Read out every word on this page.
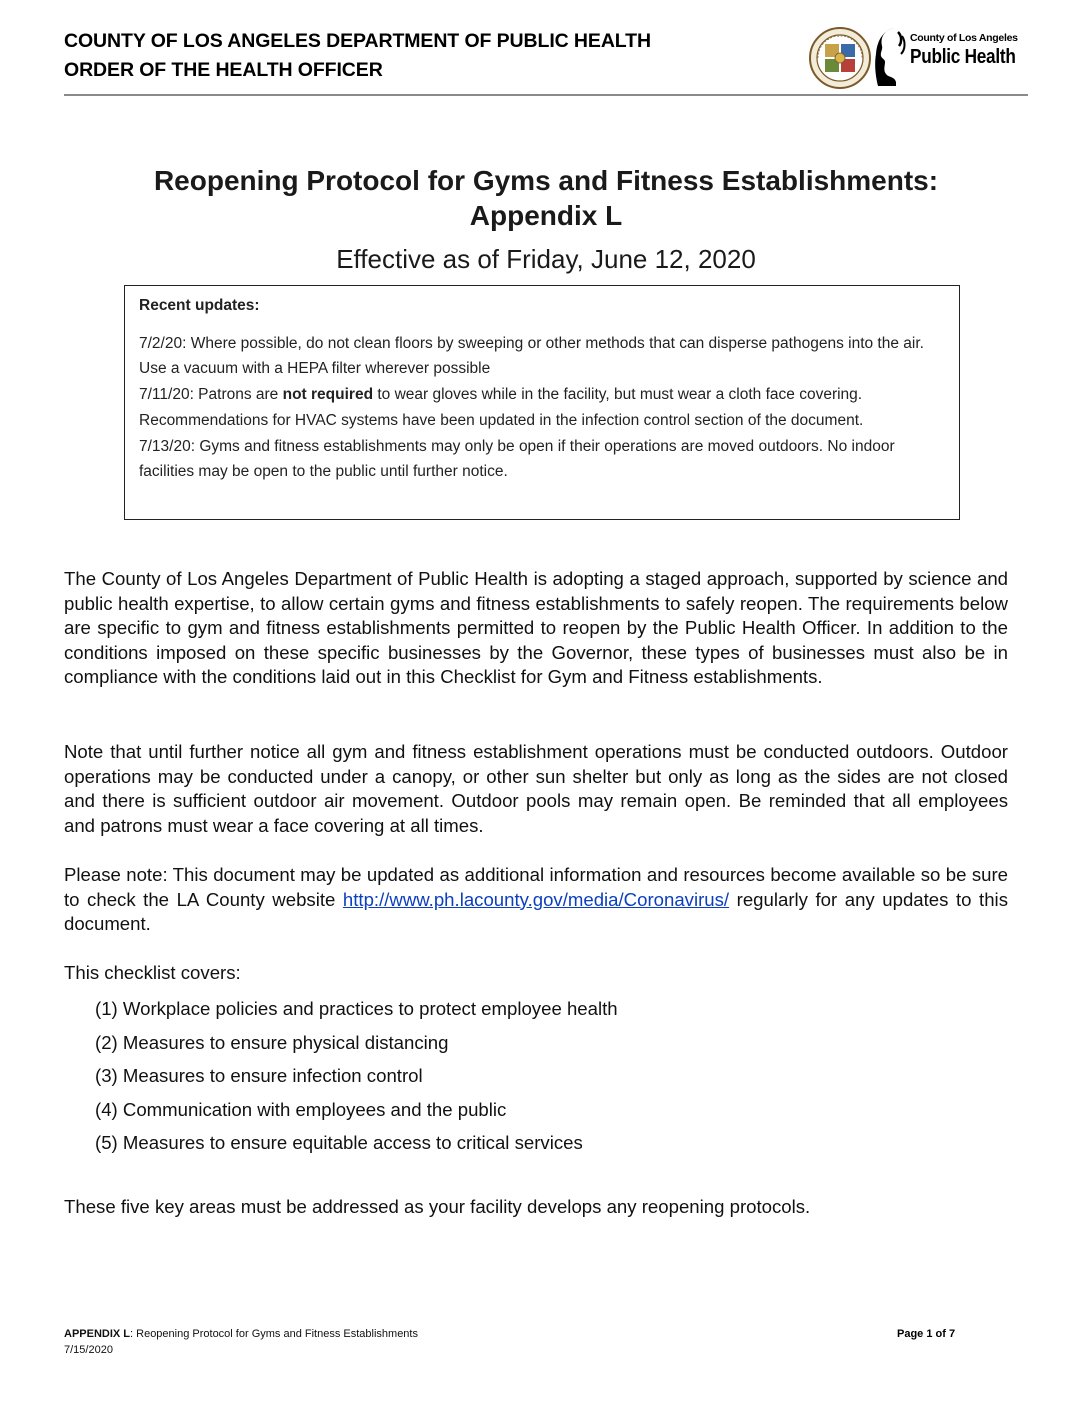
COUNTY OF LOS ANGELES DEPARTMENT OF PUBLIC HEALTH
ORDER OF THE HEALTH OFFICER
County of Los Angeles
Public Health
Reopening Protocol for Gyms and Fitness Establishments:
Appendix L
Effective as of Friday, June 12, 2020
Recent updates:

7/2/20: Where possible, do not clean floors by sweeping or other methods that can disperse pathogens into the air. Use a vacuum with a HEPA filter wherever possible

7/11/20: Patrons are not required to wear gloves while in the facility, but must wear a cloth face covering. Recommendations for HVAC systems have been updated in the infection control section of the document.

7/13/20: Gyms and fitness establishments may only be open if their operations are moved outdoors. No indoor facilities may be open to the public until further notice.

The County of Los Angeles Department of Public Health is adopting a staged approach, supported by science and public health expertise, to allow certain gyms and fitness establishments to safely reopen. The requirements below are specific to gym and fitness establishments permitted to reopen by the Public Health Officer. In addition to the conditions imposed on these specific businesses by the Governor, these types of businesses must also be in compliance with the conditions laid out in this Checklist for Gym and Fitness establishments.

Note that until further notice all gym and fitness establishment operations must be conducted outdoors. Outdoor operations may be conducted under a canopy, or other sun shelter but only as long as the sides are not closed and there is sufficient outdoor air movement. Outdoor pools may remain open. Be reminded that all employees and patrons must wear a face covering at all times.

Please note: This document may be updated as additional information and resources become available so be sure to check the LA County website http://www.ph.lacounty.gov/media/Coronavirus/ regularly for any updates to this document.

This checklist covers:
(1) Workplace policies and practices to protect employee health
(2) Measures to ensure physical distancing
(3) Measures to ensure infection control
(4) Communication with employees and the public
(5) Measures to ensure equitable access to critical services
These five key areas must be addressed as your facility develops any reopening protocols.
APPENDIX L: Reopening Protocol for Gyms and Fitness Establishments
7/15/2020
Page 1 of 7
